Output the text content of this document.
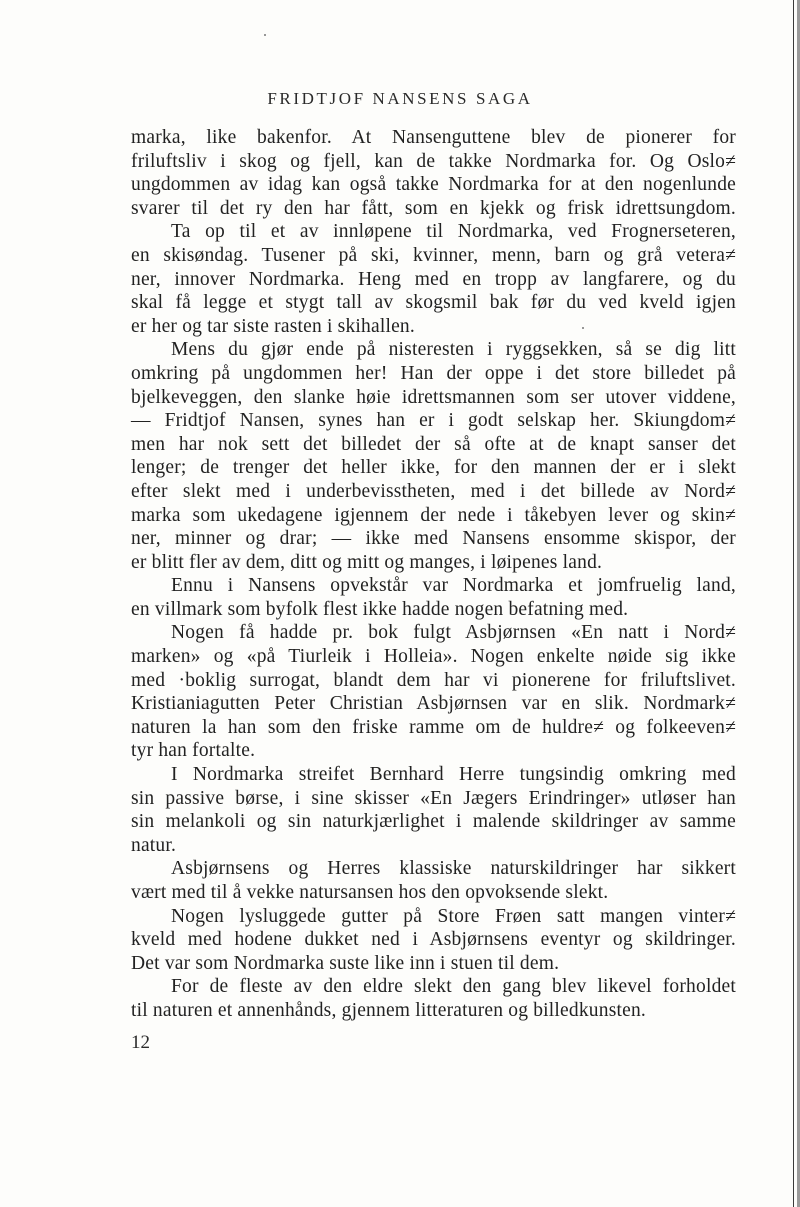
FRIDTJOF NANSENS SAGA
marka, like bakenfor. At Nansenguttene blev de pionerer for
friluftsliv i skog og fjell, kan de takke Nordmarka for. Og Oslo≠
ungdommen av idag kan også takke Nordmarka for at den nogenlunde
svarer til det ry den har fått, som en kjekk og frisk idrettsungdom.
Ta op til et av innløpene til Nordmarka, ved Frognerseteren,
en skisøndag. Tusener på ski, kvinner, menn, barn og grå vetera≠
ner, innover Nordmarka. Heng med en tropp av langfarere, og du
skal få legge et stygt tall av skogsmil bak før du ved kveld igjen
er her og tar siste rasten i skihallen.
Mens du gjør ende på nisteresten i ryggsekken, så se dig litt
omkring på ungdommen her! Han der oppe i det store billedet på
bjelkeveggen, den slanke høie idrettsmannen som ser utover viddene,
— Fridtjof Nansen, synes han er i godt selskap her. Skiungdom≠
men har nok sett det billedet der så ofte at de knapt sanser det
lenger; de trenger det heller ikke, for den mannen der er i slekt
efter slekt med i underbevisstheten, med i det billede av Nord≠
marka som ukedagene igjennem der nede i tåkebyen lever og skin≠
ner, minner og drar; — ikke med Nansens ensomme skispor, der
er blitt fler av dem, ditt og mitt og manges, i løipenes land.
Ennu i Nansens opvekstår var Nordmarka et jomfruelig land,
en villmark som byfolk flest ikke hadde nogen befatning med.
Nogen få hadde pr. bok fulgt Asbjørnsen «En natt i Nord≠
marken» og «på Tiurleik i Holleia». Nogen enkelte nøide sig ikke
med ·boklig surrogat, blandt dem har vi pionerene for friluftslivet.
Kristianiagutten Peter Christian Asbjørnsen var en slik. Nordmark≠
naturen la han som den friske ramme om de huldre≠ og folkeeven≠
tyr han fortalte.
I Nordmarka streifet Bernhard Herre tungsindig omkring med
sin passive børse, i sine skisser «En Jægers Erindringer» utløser han
sin melankoli og sin naturkjærlighet i malende skildringer av samme
natur.
Asbjørnsens og Herres klassiske naturskildringer har sikkert
vært med til å vekke natursansen hos den opvoksende slekt.
Nogen lysluggede gutter på Store Frøen satt mangen vinter≠
kveld med hodene dukket ned i Asbjørnsens eventyr og skildringer.
Det var som Nordmarka suste like inn i stuen til dem.
For de fleste av den eldre slekt den gang blev likevel forholdet
til naturen et annenhånds, gjennem litteraturen og billedkunsten.
12
